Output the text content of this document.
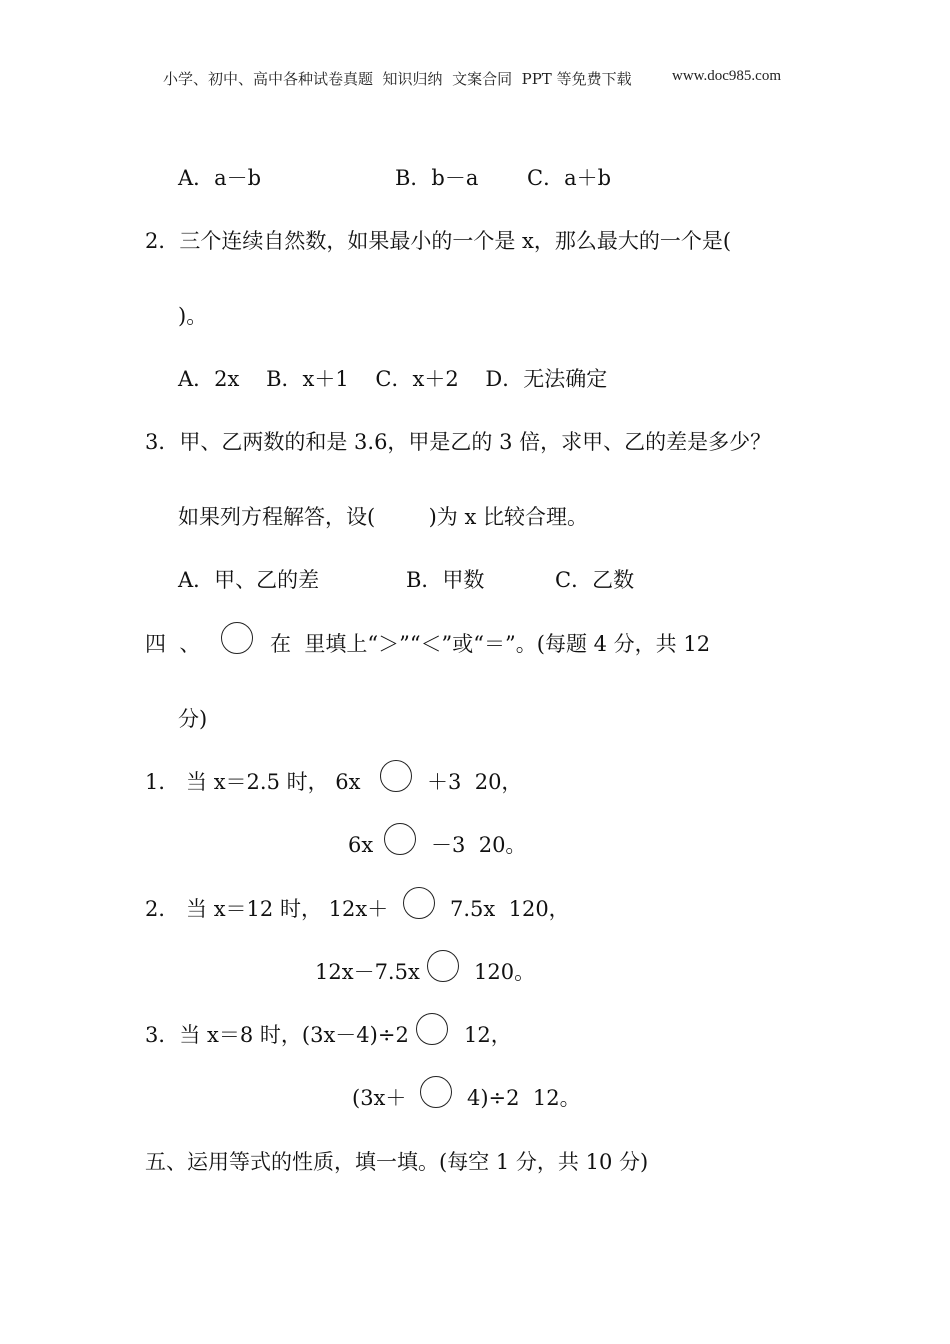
小学、初中、高中各种试卷真题  知识归纳  文案合同  PPT 等免费下载	www.doc985.com
A．a－b	B．b－a C．a＋b
2．三个连续自然数，如果最小的一个是 x，那么最大的一个是(
)。
A．2x    B．x＋1    C．x＋2    D．无法确定
3．甲、乙两数的和是 3.6，甲是乙的 3 倍，求甲、乙的差是多少？
如果列方程解答，设(        )为 x 比较合理。
A．甲、乙的差	B．甲数	C．乙数
四  、	在  里填上“＞”“＜”或“＝”。(每题 4 分，共 12
分)
1． 当 x＝2.5 时， 6x	＋3  20，
6x	－3  20。
2． 当 x＝12 时， 12x＋	7.5x  120，
12x－7.5x	120。
3．当 x＝8 时，(3x－4)÷2	12，
(3x＋	4)÷2  12。
五、运用等式的性质，填一填。(每空 1 分，共 10 分)
